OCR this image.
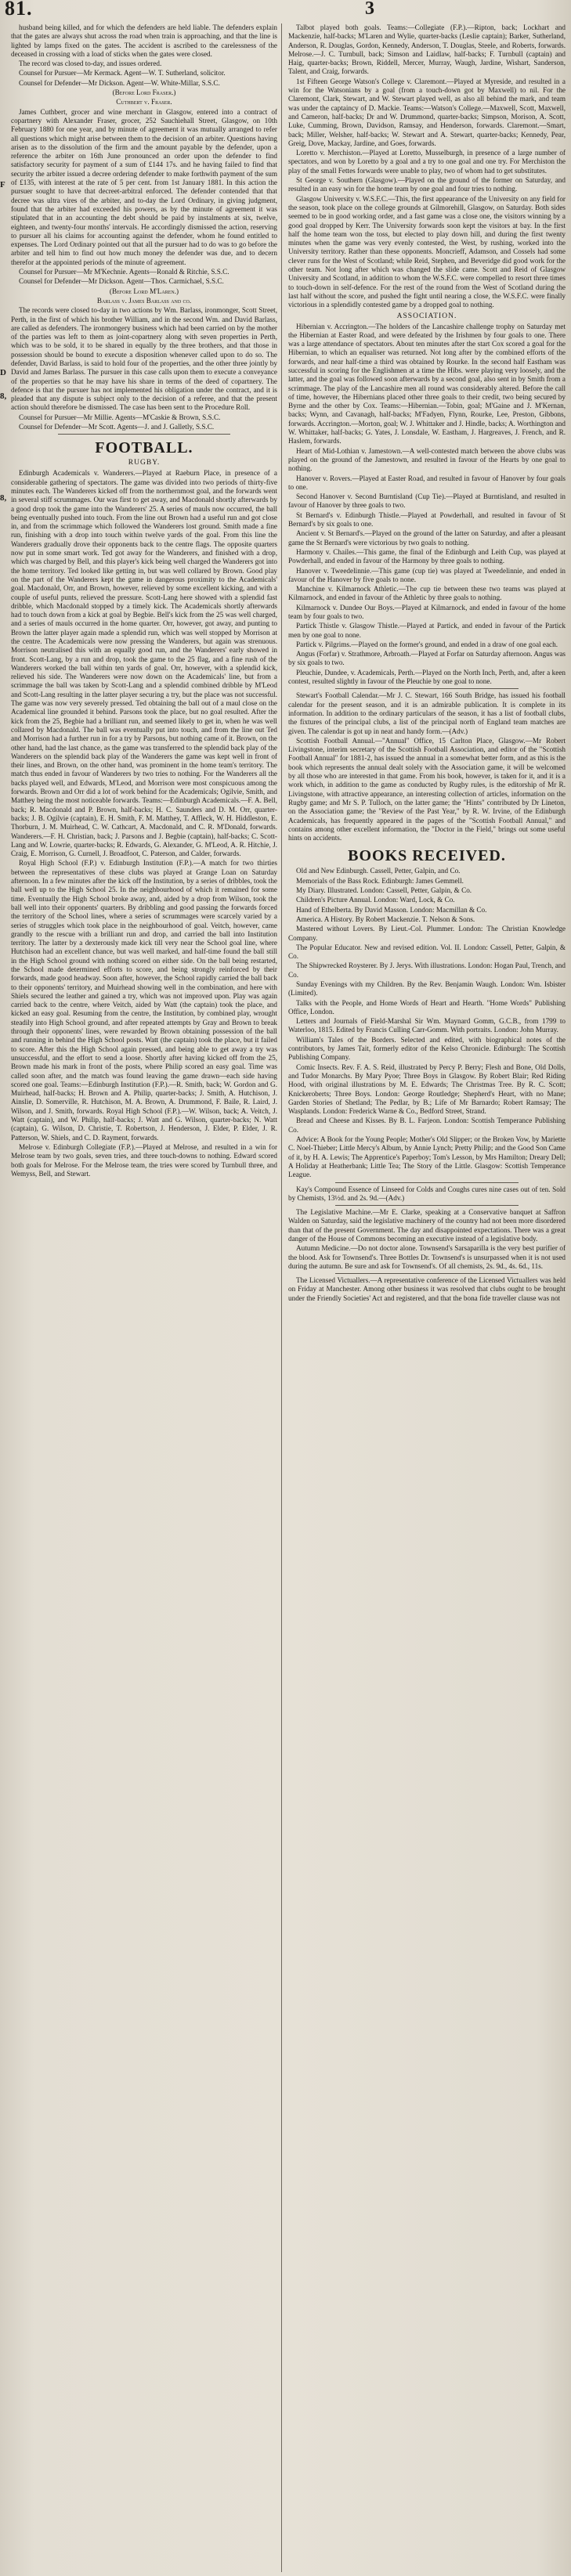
81.	3
F
D
8,
8,

husband being killed, and for which the defenders are held liable. The defenders explain that the gates are always shut across the road when train is approaching, and that the line is lighted by lamps fixed on the gates. The accident is ascribed to the carelessness of the deceased in crossing with a load of sticks when the gates were closed.

The record was closed to-day, and issues ordered.

Counsel for Pursuer—Mr Kermack. Agent—W. T. Sutherland, solicitor.

Counsel for Defender—Mr Dickson. Agent—W. White-Millar, S.S.C.

(Before Lord Fraser.)

Cuthbert v. Fraser.

James Cuthbert, grocer and wine merchant in Glasgow, entered into a contract of copartnery with Alexander Fraser, grocer, 252 Sauchiehall Street, Glasgow, on 10th February 1880 for one year, and by minute of agreement it was mutually arranged to refer all questions which might arise between them to the decision of an arbiter. Questions having arisen as to the dissolution of the firm and the amount payable by the defender, upon a reference the arbiter on 16th June pronounced an order upon the defender to find satisfactory security for payment of a sum of £144 17s. and he having failed to find that security the arbiter issued a decree ordering defender to make forthwith payment of the sum of £135, with interest at the rate of 5 per cent. from 1st January 1881. In this action the pursuer sought to have that decreet-arbitral enforced. The defender contended that that decree was ultra vires of the arbiter, and to-day the Lord Ordinary, in giving judgment, found that the arbiter had exceeded his powers, as by the minute of agreement it was stipulated that in an accounting the debt should be paid by instalments at six, twelve, eighteen, and twenty-four months' intervals. He accordingly dismissed the action, reserving to pursuer all his claims for accounting against the defender, whom he found entitled to expenses. The Lord Ordinary pointed out that all the pursuer had to do was to go before the arbiter and tell him to find out how much money the defender was due, and to decern therefor at the appointed periods of the minute of agreement.

Counsel for Pursuer—Mr M'Kechnie. Agents—Ronald & Ritchie, S.S.C.

Counsel for Defender—Mr Dickson. Agent—Thos. Carmichael, S.S.C.

(Before Lord M'Laren.)

Barlass v. James Barlass and co.

The records were closed to-day in two actions by Wm. Barlass, ironmonger, Scott Street, Perth, in the first of which his brother William, and in the second Wm. and David Barlass, are called as defenders. The ironmongery business which had been carried on by the mother of the parties was left to them as joint-copartnery along with seven properties in Perth, which was to be sold, it to be shared in equally by the three brothers, and that those in possession should be bound to execute a disposition whenever called upon to do so. The defender, David Barlass, is said to hold four of the properties, and the other three jointly by David and James Barlass. The pursuer in this case calls upon them to execute a conveyance of the properties so that he may have his share in terms of the deed of copartnery. The defence is that the pursuer has not implemented his obligation under the contract, and it is pleaded that any dispute is subject only to the decision of a referee, and that the present action should therefore be dismissed. The case has been sent to the Procedure Roll.

Counsel for Pursuer—Mr Millie. Agents—M'Caskie & Brown, S.S.C.

Counsel for Defender—Mr Scott. Agents—J. and J. Galletly, S.S.C.

FOOTBALL.
RUGBY.

Edinburgh Academicals v. Wanderers.—Played at Raeburn Place, in presence of a considerable gathering of spectators. The game was divided into two periods of thirty-five minutes each. The Wanderers kicked off from the northernmost goal, and the forwards went in several stiff scrummages. Our was first to get away, and Macdonald shortly afterwards by a good drop took the game into the Wanderers' 25. A series of mauls now occurred, the ball being eventually pushed into touch. From the line out Brown had a useful run and got close in, and from the scrimmage which followed the Wanderers lost ground. Smith made a fine run, finishing with a drop into touch within twelve yards of the goal. From this line the Wanderers gradually drove their opponents back to the centre flags. The opposite quarters now put in some smart work. Ted got away for the Wanderers, and finished with a drop, which was charged by Bell, and this player's kick being well charged the Wanderers got into the home territory. Ted looked like getting in, but was well collared by Brown. Good play on the part of the Wanderers kept the game in dangerous proximity to the Academicals' goal. Macdonald, Orr, and Brown, however, relieved by some excellent kicking, and with a couple of useful punts, relieved the pressure. Scott-Lang here showed with a splendid fast dribble, which Macdonald stopped by a timely kick. The Academicals shortly afterwards had to touch down from a kick at goal by Begbie. Bell's kick from the 25 was well charged, and a series of mauls occurred in the home quarter. Orr, however, got away, and punting to Brown the latter player again made a splendid run, which was well stopped by Morrison at the centre. The Academicals were now pressing the Wanderers, but again was strenuous. Morrison neutralised this with an equally good run, and the Wanderers' early showed in front. Scott-Lang, by a run and drop, took the game to the 25 flag, and a fine rush of the Wanderers worked the ball within ten yards of goal. Orr, however, with a splendid kick, relieved his side. The Wanderers were now down on the Academicals' line, but from a scrimmage the ball was taken by Scott-Lang and a splendid combined dribble by M'Leod and Scott-Lang resulting in the latter player securing a try, but the place was not successful. The game was now very severely pressed. Ted obtaining the ball out of a maul close on the Academical line grounded it behind. Parsons took the place, but no goal resulted. After the kick from the 25, Begbie had a brilliant run, and seemed likely to get in, when he was well collared by Macdonald. The ball was eventually put into touch, and from the line out Ted and Morrison had a further run in for a try by Parsons, but nothing came of it. Brown, on the other hand, had the last chance, as the game was transferred to the splendid back play of the Wanderers on the splendid back play of the Wanderers the game was kept well in front of their lines, and Brown, on the other hand, was prominent in the home team's territory. The match thus ended in favour of Wanderers by two tries to nothing. For the Wanderers all the backs played well, and Edwards, M'Leod, and Morrison were most conspicuous among the forwards. Brown and Orr did a lot of work behind for the Academicals; Ogilvie, Smith, and Matthey being the most noticeable forwards. Teams:—Edinburgh Academicals.—F. A. Bell, back; R. Macdonald and P. Brown, half-backs; H. C. Saunders and D. M. Orr, quarter-backs; J. B. Ogilvie (captain), E. H. Smith, F. M. Matthey, T. Affleck, W. H. Hiddleston, E. Thorburn, J. M. Muirhead, C. W. Cathcart, A. Macdonald, and C. R. M'Donald, forwards. Wanderers.—F. H. Christian, back; J. Parsons and J. Begbie (captain), half-backs; C. Scott-Lang and W. Lowrie, quarter-backs; R. Edwards, G. Alexander, G. M'Leod, A. R. Hitchie, J. Craig, E. Morrison, G. Curnell, J. Broadfoot, C. Paterson, and Calder, forwards.

Royal High School (F.P.) v. Edinburgh Institution (F.P.).—A match for two thirties between the representatives of these clubs was played at Grange Loan on Saturday afternoon. In a few minutes after the kick off the Institution, by a series of dribbles, took the ball well up to the High School 25. In the neighbourhood of which it remained for some time. Eventually the High School broke away, and, aided by a drop from Wilson, took the ball well into their opponents' quarters. By dribbling and good passing the forwards forced the territory of the School lines, where a series of scrummages were scarcely varied by a series of struggles which took place in the neighbourhood of goal. Veitch, however, came grandly to the rescue with a brilliant run and drop, and carried the ball into Institution territory. The latter by a dexterously made kick till very near the School goal line, where Hutchison had an excellent chance, but was well marked, and half-time found the ball still in the High School ground with nothing scored on either side. On the ball being restarted, the School made determined efforts to score, and being strongly reinforced by their forwards, made good headway. Soon after, however, the School rapidly carried the ball back to their opponents' territory, and Muirhead showing well in the combination, and here with Shiels secured the leather and gained a try, which was not improved upon. Play was again carried back to the centre, where Veitch, aided by Watt (the captain) took the place, and kicked an easy goal. Resuming from the centre, the Institution, by combined play, wrought steadily into High School ground, and after repeated attempts by Gray and Brown to break through their opponents' lines, were rewarded by Brown obtaining possession of the ball and running in behind the High School posts. Watt (the captain) took the place, but it failed to score. After this the High School again pressed, and being able to get away a try was unsuccessful, and the effort to send a loose. Shortly after having kicked off from the 25, Brown made his mark in front of the posts, where Philip scored an easy goal. Time was called soon after, and the match was found leaving the game drawn—each side having scored one goal. Teams:—Edinburgh Institution (F.P.).—R. Smith, back; W. Gordon and G. Muirhead, half-backs; H. Brown and A. Philip, quarter-backs; J. Smith, A. Hutchison, J. Ainslie, D. Somerville, R. Hutchison, M. A. Brown, A. Drummond, F. Baile, R. Laird, J. Wilson, and J. Smith, forwards. Royal High School (F.P.).—W. Wilson, back; A. Veitch, J. Watt (captain), and W. Philip, half-backs; J. Watt and G. Wilson, quarter-backs; N. Watt (captain), G. Wilson, D. Christie, T. Robertson, J. Henderson, J. Elder, P. Elder, J. R. Patterson, W. Shiels, and C. D. Rayment, forwards.

Melrose v. Edinburgh Collegiate (F.P.).—Played at Melrose, and resulted in a win for Melrose team by two goals, seven tries, and three touch-downs to nothing. Edward scored both goals for Melrose. For the Melrose team, the tries were scored by Turnbull three, and Wemyss, Bell, and Stewart.

Talbot played both goals. Teams:—Collegiate (F.P.).—Ripton, back; Lockhart and Mackenzie, half-backs; M'Laren and Wylie, quarter-backs (Leslie captain); Barker, Sutherland, Anderson, R. Douglas, Gordon, Kennedy, Anderson, T. Douglas, Steele, and Roberts, forwards. Melrose.—J. C. Turnbull, back; Simson and Laidlaw, half-backs; F. Turnbull (captain) and Haig, quarter-backs; Brown, Riddell, Mercer, Murray, Waugh, Jardine, Wishart, Sanderson, Talent, and Craig, forwards.

1st Fifteen George Watson's College v. Claremont.—Played at Myreside, and resulted in a win for the Watsonians by a goal (from a touch-down got by Maxwell) to nil. For the Claremont, Clark, Stewart, and W. Stewart played well, as also all behind the mark, and team was under the captaincy of D. Mackie. Teams:—Watson's College.—Maxwell, Scott, Maxwell, and Cameron, half-backs; Dr and W. Drummond, quarter-backs; Simpson, Morison, A. Scott, Luke, Cumming, Brown, Davidson, Ramsay, and Henderson, forwards. Claremont.—Smart, back; Miller, Welsher, half-backs; W. Stewart and A. Stewart, quarter-backs; Kennedy, Pear, Greig, Dove, Mackay, Jardine, and Goes, forwards.

Loretto v. Merchiston.—Played at Loretto, Musselburgh, in presence of a large number of spectators, and won by Loretto by a goal and a try to one goal and one try. For Merchiston the play of the small Fettes forwards were unable to play, two of whom had to get substitutes.

St George v. Southern (Glasgow).—Played on the ground of the former on Saturday, and resulted in an easy win for the home team by one goal and four tries to nothing.

Glasgow University v. W.S.F.C.—This, the first appearance of the University on any field for the season, took place on the college grounds at Gilmorehill, Glasgow, on Saturday. Both sides seemed to be in good working order, and a fast game was a close one, the visitors winning by a good goal dropped by Kerr. The University forwards soon kept the visitors at bay. In the first half the home team won the toss, but elected to play down hill, and during the first twenty minutes when the game was very evenly contested, the West, by rushing, worked into the University territory. Rather than these opponents. Moncrieff, Adamson, and Cossels had some clever runs for the West of Scotland; while Reid, Stephen, and Beveridge did good work for the other team. Not long after which was changed the slide came. Scott and Reid of Glasgow University and Scotland, in addition to whom the W.S.F.C. were compelled to resort three times to touch-down in self-defence. For the rest of the round from the West of Scotland during the last half without the score, and pushed the fight until nearing a close, the W.S.F.C. were finally victorious in a splendidly contested game by a dropped goal to nothing.

ASSOCIATION.

Hibernian v. Accrington.—The holders of the Lancashire challenge trophy on Saturday met the Hibernian at Easter Road, and were defeated by the Irishmen by four goals to one. There was a large attendance of spectators. About ten minutes after the start Cox scored a goal for the Hibernian, to which an equaliser was returned. Not long after by the combined efforts of the forwards, and near half-time a third was obtained by Rourke. In the second half Eastham was successful in scoring for the Englishmen at a time the Hibs. were playing very loosely, and the latter, and the goal was followed soon afterwards by a second goal, also sent in by Smith from a scrimmage. The play of the Lancashire men all round was considerably altered. Before the call of time, however, the Hibernians placed other three goals to their credit, two being secured by Byrne and the other by Cox. Teams:—Hibernian.—Tobin, goal; M'Gaine and J. M'Kernan, backs; Wynn, and Cavanagh, half-backs; M'Fadyen, Flynn, Rourke, Lee, Preston, Gibbons, forwards. Accrington.—Morton, goal; W. J. Whittaker and J. Hindle, backs; A. Worthington and W. Whittaker, half-backs; G. Yates, J. Lonsdale, W. Eastham, J. Hargreaves, J. French, and R. Haslem, forwards.

Heart of Mid-Lothian v. Jamestown.—A well-contested match between the above clubs was played on the ground of the Jamestown, and resulted in favour of the Hearts by one goal to nothing.

Hanover v. Rovers.—Played at Easter Road, and resulted in favour of Hanover by four goals to one.

Second Hanover v. Second Burntisland (Cup Tie).—Played at Burntisland, and resulted in favour of Hanover by three goals to two.

St Bernard's v. Edinburgh Thistle.—Played at Powderhall, and resulted in favour of St Bernard's by six goals to one.

Ancient v. St Bernard's.—Played on the ground of the latter on Saturday, and after a pleasant game the St Bernard's were victorious by two goals to nothing.

Harmony v. Chailes.—This game, the final of the Edinburgh and Leith Cup, was played at Powderhall, and ended in favour of the Harmony by three goals to nothing.

Hanover v. Tweedelinnie.—This game (cup tie) was played at Tweedelinnie, and ended in favour of the Hanover by five goals to none.

Manchine v. Kilmarnock Athletic.—The cup tie between these two teams was played at Kilmarnock, and ended in favour of the Athletic by three goals to nothing.

Kilmarnock v. Dundee Our Boys.—Played at Kilmarnock, and ended in favour of the home team by four goals to two.

Partick Thistle v. Glasgow Thistle.—Played at Partick, and ended in favour of the Partick men by one goal to none.

Partick v. Pilgrims.—Played on the former's ground, and ended in a draw of one goal each.

Angus (Forfar) v. Strathmore, Arbroath.—Played at Forfar on Saturday afternoon. Angus was by six goals to two.

Pleuchie, Dundee, v. Academicals, Perth.—Played on the North Inch, Perth, and, after a keen contest, resulted slightly in favour of the Pleuchie by one goal to none.

Stewart's Football Calendar.—Mr J. C. Stewart, 166 South Bridge, has issued his football calendar for the present season, and it is an admirable publication. It is complete in its information. In addition to the ordinary particulars of the season, it has a list of football clubs, the fixtures of the principal clubs, a list of the principal north of England team matches are given. The calendar is got up in neat and handy form.—(Adv.)

Scottish Football Annual.—"Annual" Office, 15 Carlton Place, Glasgow.—Mr Robert Livingstone, interim secretary of the Scottish Football Association, and editor of the "Scottish Football Annual" for 1881-2, has issued the annual in a somewhat better form, and as this is the book which represents the annual dealt solely with the Association game, it will be welcomed by all those who are interested in that game. From his book, however, is taken for it, and it is a work which, in addition to the game as conducted by Rugby rules, is the editorship of Mr R. Livingstone, with attractive appearance, an interesting collection of articles, information on the Rugby game; and Mr S. P. Tulloch, on the latter game; the "Hints" contributed by Dr Lineton, on the Association game; the "Review of the Past Year," by R. W. Irvine, of the Edinburgh Academicals, has frequently appeared in the pages of the "Scottish Football Annual," and contains among other excellent information, the "Doctor in the Field," brings out some useful hints on accidents.

BOOKS RECEIVED.

Old and New Edinburgh. Cassell, Petter, Galpin, and Co.

Memorials of the Bass Rock. Edinburgh: James Gemmell.

My Diary. Illustrated. London: Cassell, Petter, Galpin, & Co.

Children's Picture Annual. London: Ward, Lock, & Co.

Hand of Ethelberta. By David Masson. London: Macmillan & Co.

America. A History. By Robert Mackenzie. T. Nelson & Sons.

Mastered without Lovers. By Lieut.-Col. Plummer. London: The Christian Knowledge Company.

The Popular Educator. New and revised edition. Vol. II. London: Cassell, Petter, Galpin, & Co.

The Shipwrecked Roysterer. By J. Jerys. With illustrations. London: Hogan Paul, Trench, and Co.

Sunday Evenings with my Children. By the Rev. Benjamin Waugh. London: Wm. Isbister (Limited).

Talks with the People, and Home Words of Heart and Hearth. "Home Words" Publishing Office, London.

Letters and Journals of Field-Marshal Sir Wm. Maynard Gomm, G.C.B., from 1799 to Waterloo, 1815. Edited by Francis Culling Carr-Gomm. With portraits. London: John Murray.

William's Tales of the Borders. Selected and edited, with biographical notes of the contributors, by James Tait, formerly editor of the Kelso Chronicle. Edinburgh: The Scottish Publishing Company.

Comic Insects. Rev. F. A. S. Reid, illustrated by Percy P. Berry; Flesh and Bone, Old Dolls, and Tudor Monarchs. By Mary Pyoe; Three Boys in Glasgow. By Robert Blair; Red Riding Hood, with original illustrations by M. E. Edwards; The Christmas Tree. By R. C. Scott; Knickeroberts; Three Boys. London: George Routledge; Shepherd's Heart, with no Mane; Garden Stories of Shetland; The Pedlar, by B.; Life of Mr Barnardo; Robert Ramsay; The Wasplands. London: Frederick Warne & Co., Bedford Street, Strand.

Bread and Cheese and Kisses. By B. L. Farjeon. London: Scottish Temperance Publishing Co.

Advice: A Book for the Young People; Mother's Old Slipper; or the Broken Vow, by Mariette C. Noel-Thieber; Little Mercy's Album, by Annie Lynch; Pretty Philip; and the Good Son Came of it, by H. A. Lewis; The Apprentice's Paperboy; Tom's Lesson, by Mrs Hamilton; Dreary Dell; A Holiday at Heatherbank; Little Tea; The Story of the Little. Glasgow: Scottish Temperance League.

Kay's Compound Essence of Linseed for Colds and Coughs cures nine cases out of ten. Sold by Chemists, 13½d. and 2s. 9d.—(Adv.)

The Legislative Machine.—Mr E. Clarke, speaking at a Conservative banquet at Saffron Walden on Saturday, said the legislative machinery of the country had not been more disordered than that of the present Government. The day and disappointed expectations. There was a great danger of the House of Commons becoming an executive instead of a legislative body.

Autumn Medicine.—Do not doctor alone. Townsend's Sarsaparilla is the very best purifier of the blood. Ask for Townsend's. Three Bottles Dr. Townsend's is unsurpassed when it is not used during the autumn. Be sure and ask for Townsend's. Of all chemists, 2s. 9d., 4s. 6d., 11s.

The Licensed Victuallers.—A representative conference of the Licensed Victuallers was held on Friday at Manchester. Among other business it was resolved that clubs ought to be brought under the Friendly Societies' Act and registered, and that the bona fide traveller clause was not
